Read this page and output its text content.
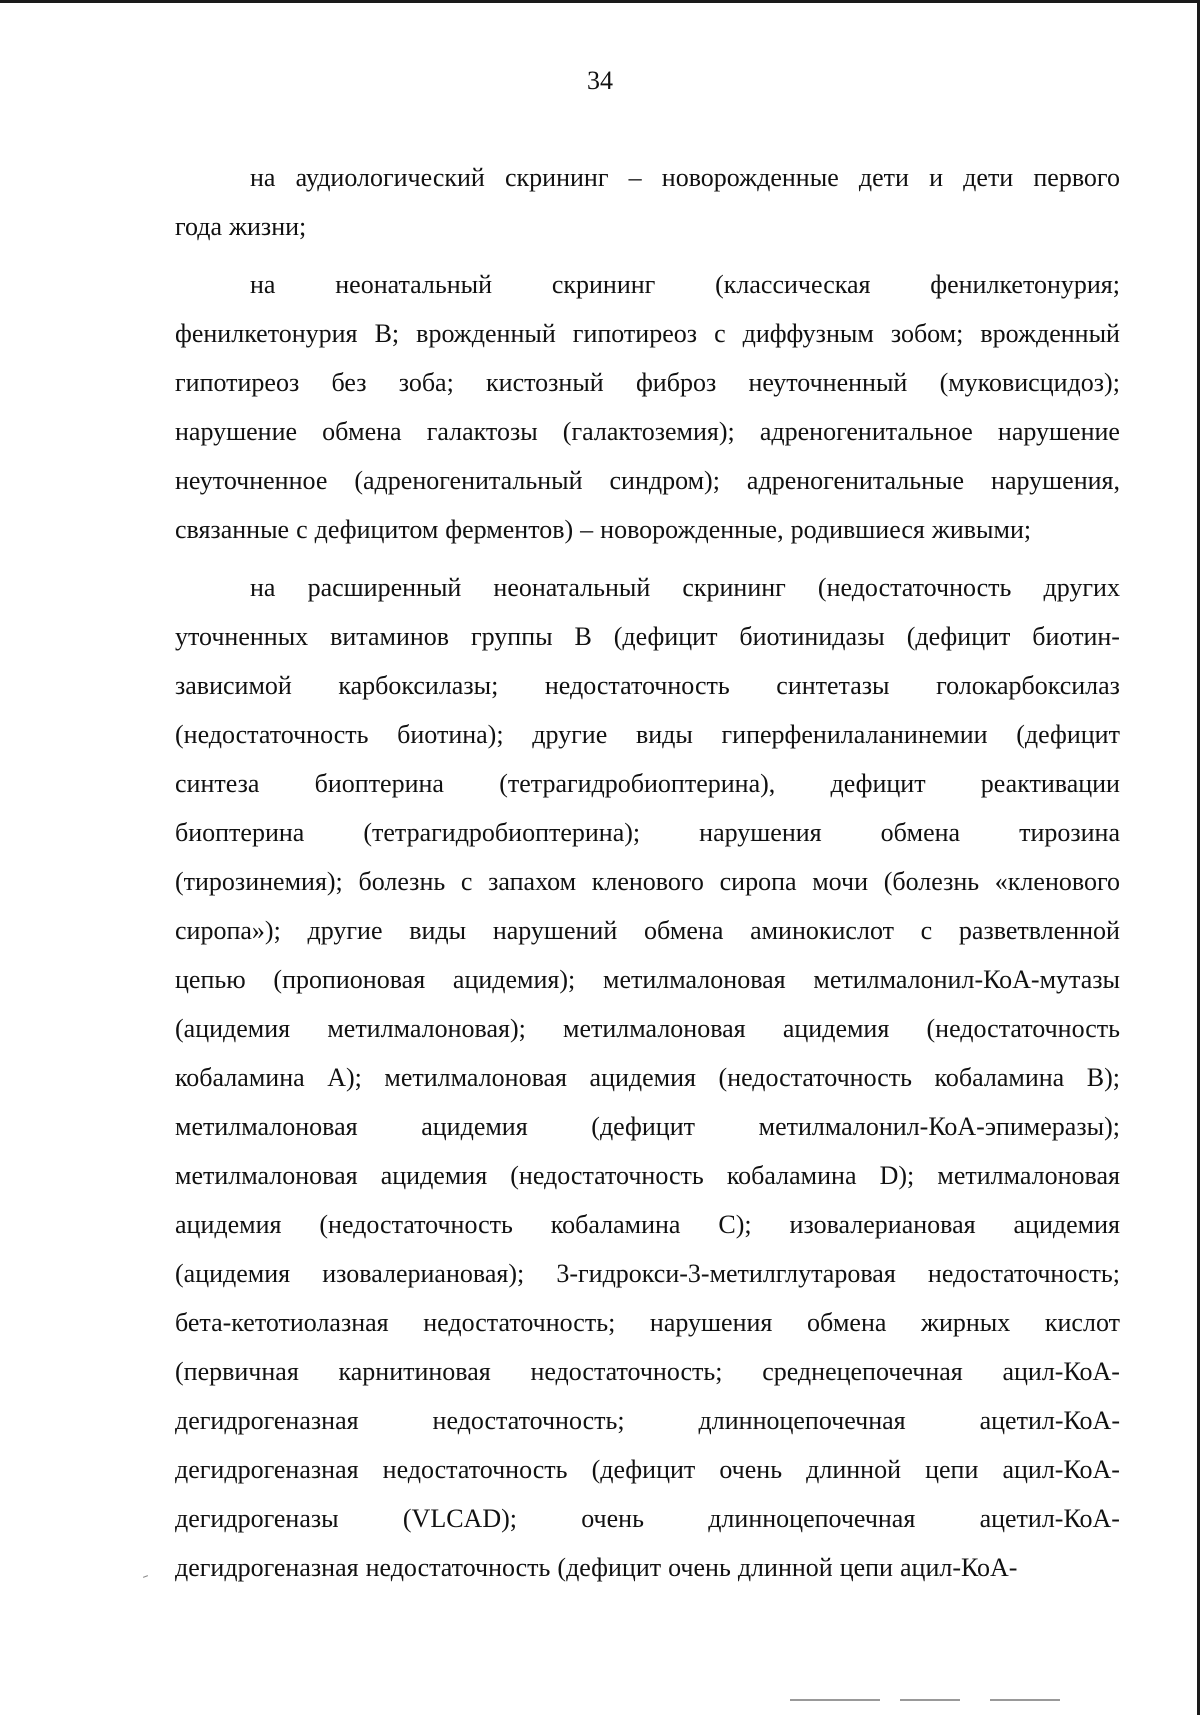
34
на аудиологический скрининг – новорожденные дети и дети первого
года жизни;
на неонатальный скрининг (классическая фенилкетонурия;
фенилкетонурия В; врожденный гипотиреоз с диффузным зобом; врожденный
гипотиреоз без зоба; кистозный фиброз неуточненный (муковисцидоз);
нарушение обмена галактозы (галактоземия); адреногенитальное нарушение
неуточненное (адреногенитальный синдром); адреногенитальные нарушения,
связанные с дефицитом ферментов) – новорожденные, родившиеся живыми;
на расширенный неонатальный скрининг (недостаточность других
уточненных витаминов группы В (дефицит биотинидазы (дефицит биотин-
зависимой карбоксилазы; недостаточность синтетазы голокарбоксилаз
(недостаточность биотина); другие виды гиперфенилаланинемии (дефицит
синтеза биоптерина (тетрагидробиоптерина), дефицит реактивации
биоптерина (тетрагидробиоптерина); нарушения обмена тирозина
(тирозинемия); болезнь с запахом кленового сиропа мочи (болезнь «кленового
сиропа»); другие виды нарушений обмена аминокислот с разветвленной
цепью (пропионовая ацидемия); метилмалоновая метилмалонил-КоА-мутазы
(ацидемия метилмалоновая); метилмалоновая ацидемия (недостаточность
кобаламина А); метилмалоновая ацидемия (недостаточность кобаламина В);
метилмалоновая ацидемия (дефицит метилмалонил-КоА-эпимеразы);
метилмалоновая ацидемия (недостаточность кобаламина D); метилмалоновая
ацидемия (недостаточность кобаламина С); изовалериановая ацидемия
(ацидемия изовалериановая); 3-гидрокси-3-метилглутаровая недостаточность;
бета-кетотиолазная недостаточность; нарушения обмена жирных кислот
(первичная карнитиновая недостаточность; среднецепочечная ацил-КоА-
дегидрогеназная	недостаточность;	длинноцепочечная	ацетил-КоА-
дегидрогеназная недостаточность (дефицит очень длинной цепи ацил-КоА-
дегидрогеназы (VLCAD); очень длинноцепочечная ацетил-КоА-
дегидрогеназная недостаточность (дефицит очень длинной цепи ацил-КоА-
